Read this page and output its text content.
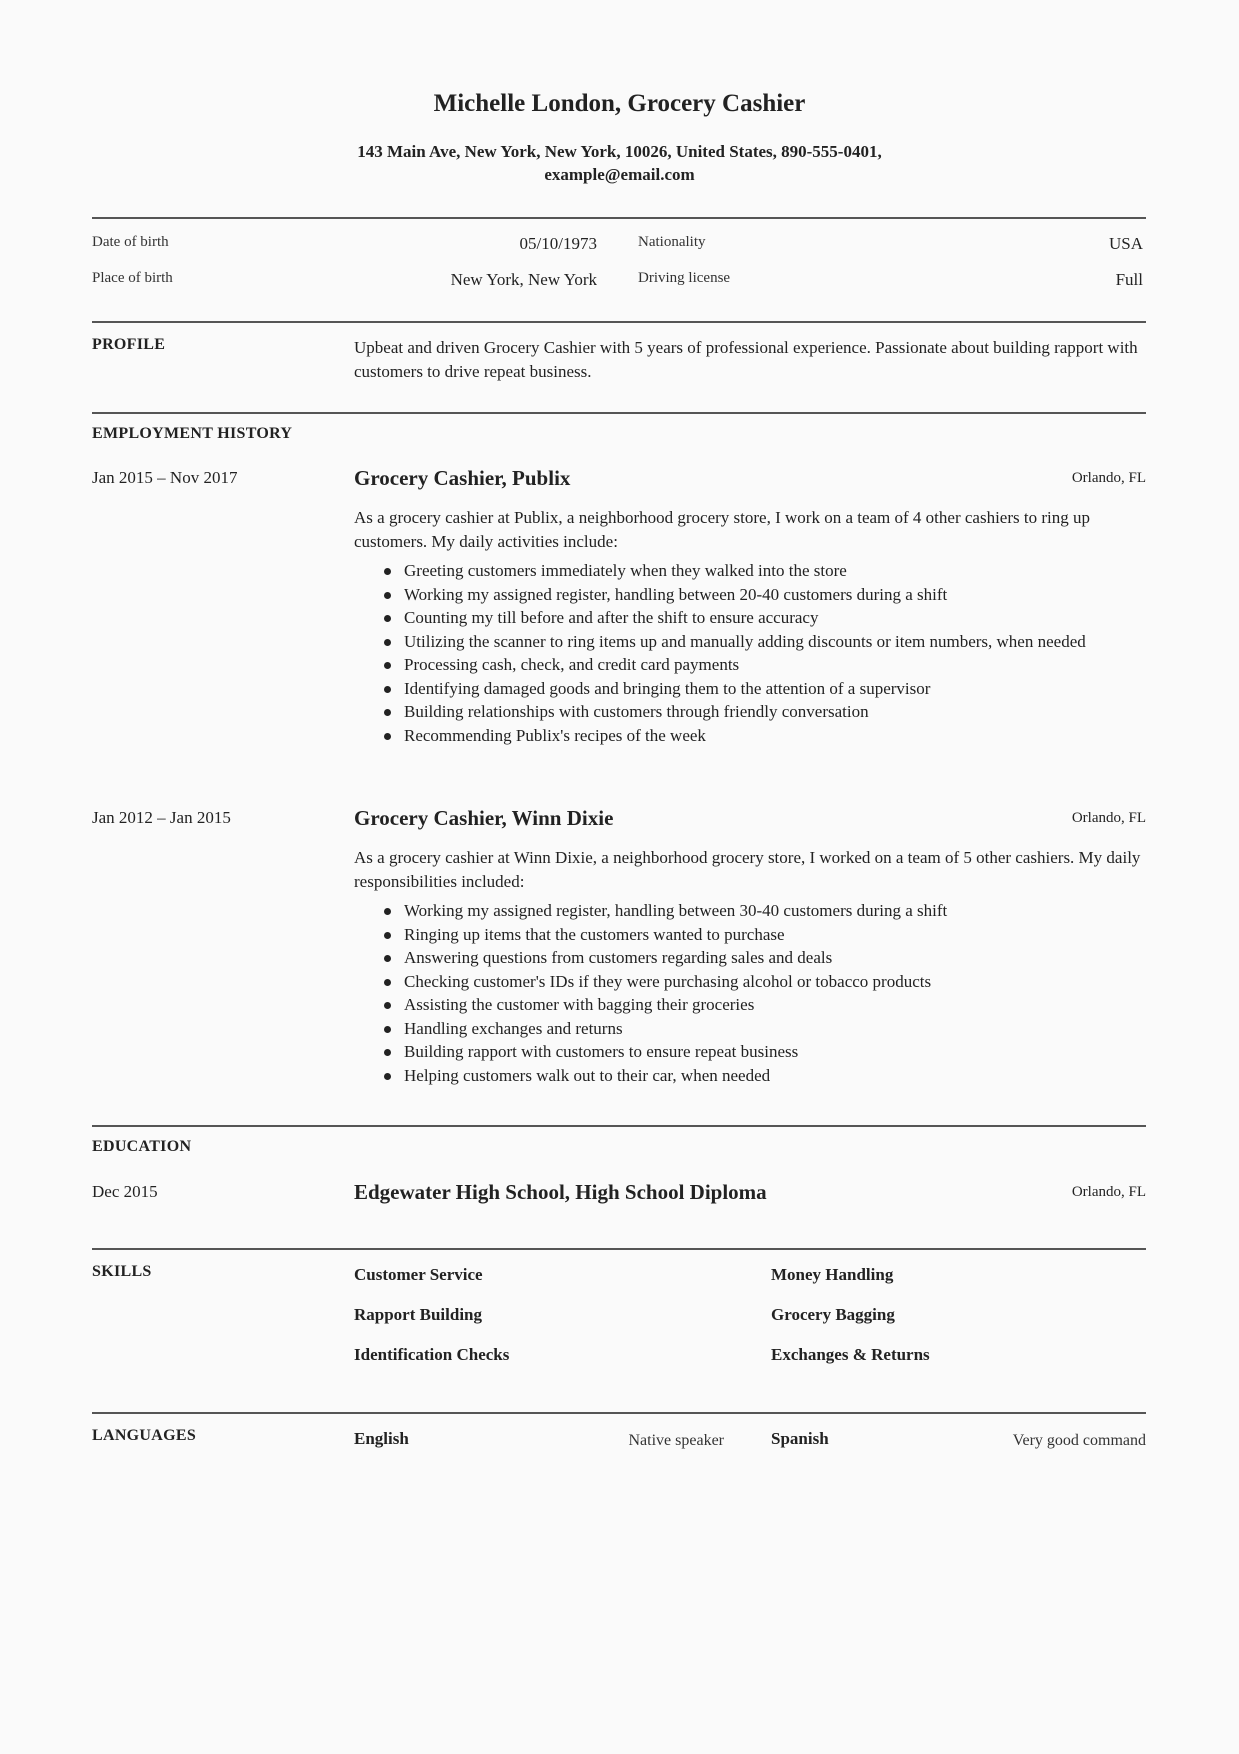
Michelle London, Grocery Cashier
143 Main Ave, New York, New York, 10026, United States, 890-555-0401,
example@email.com
Date of birth	05/10/1973	Nationality	USA
Place of birth	New York, New York	Driving license	Full
PROFILE	Upbeat and driven Grocery Cashier with 5 years of professional experience. Passionate about building rapport with customers to drive repeat business.
EMPLOYMENT HISTORY
Jan 2015 – Nov 2017	Grocery Cashier, Publix	Orlando, FL
As a grocery cashier at Publix, a neighborhood grocery store, I work on a team of 4 other cashiers to ring up customers. My daily activities include:
Greeting customers immediately when they walked into the store
Working my assigned register, handling between 20-40 customers during a shift
Counting my till before and after the shift to ensure accuracy
Utilizing the scanner to ring items up and manually adding discounts or item numbers, when needed
Processing cash, check, and credit card payments
Identifying damaged goods and bringing them to the attention of a supervisor
Building relationships with customers through friendly conversation
Recommending Publix's recipes of the week
Jan 2012 – Jan 2015	Grocery Cashier, Winn Dixie	Orlando, FL
As a grocery cashier at Winn Dixie, a neighborhood grocery store, I worked on a team of 5 other cashiers. My daily responsibilities included:
Working my assigned register, handling between 30-40 customers during a shift
Ringing up items that the customers wanted to purchase
Answering questions from customers regarding sales and deals
Checking customer's IDs if they were purchasing alcohol or tobacco products
Assisting the customer with bagging their groceries
Handling exchanges and returns
Building rapport with customers to ensure repeat business
Helping customers walk out to their car, when needed
EDUCATION
Dec 2015	Edgewater High School, High School Diploma	Orlando, FL
SKILLS	Customer Service	Money Handling
Rapport Building	Grocery Bagging
Identification Checks	Exchanges & Returns
LANGUAGES	English	Native speaker	Spanish	Very good command
